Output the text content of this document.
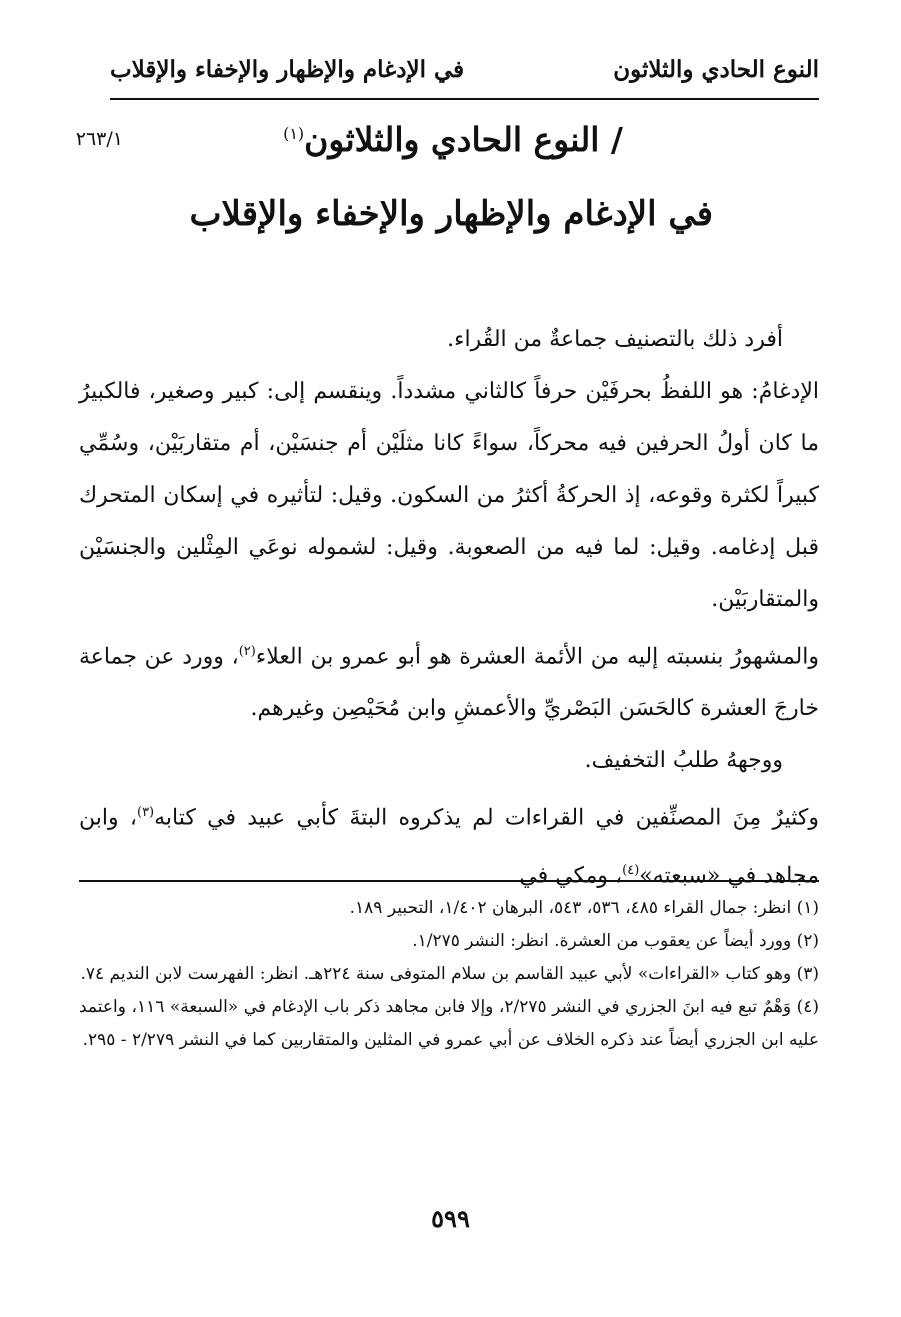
النوع الحادي والثلاثون
في الإدغام والإظهار والإخفاء والإقلاب
٢٦٣/١	/ النوع الحادي والثلاثون$^{(١)}$
في الإدغام والإظهار والإخفاء والإقلاب

أفرد ذلك بالتصنيف جماعةٌ من القُراء.

الإدغامُ: هو اللفظُ بحرفَيْن حرفاً كالثاني مشدداً. وينقسم إلى: كبير وصغير، فالكبيرُ ما كان أولُ الحرفين فيه محركاً، سواءً كانا مثلَيْن أم جنسَيْن، أم متقاربَيْن، وسُمِّي كبيراً لكثرة وقوعه، إذ الحركةُ أكثرُ من السكون. وقيل: لتأثيره في إسكان المتحرك قبل إدغامه. وقيل: لما فيه من الصعوبة. وقيل: لشموله نوعَي المِثْلين والجنسَيْن والمتقاربَيْن.

والمشهورُ بنسبته إليه من الأئمة العشرة هو أبو عمرو بن العلاء$^{(٢)}$، وورد عن جماعة خارجَ العشرة كالحَسَن البَصْريِّ والأعمشِ وابن مُحَيْصِن وغيرهم.

ووجههُ طلبُ التخفيف.

وكثيرٌ مِنَ المصنِّفين في القراءات لم يذكروه البتةَ كأبي عبيد في كتابه$^{(٣)}$، وابن مجاهد في «سبعته»$^{(٤)}$، ومكي في

(١) انظر: جمال القراء ٤٨٥، ٥٣٦، ٥٤٣، البرهان ١/٤٠٢، التحبير ١٨٩.

(٢) وورد أيضاً عن يعقوب من العشرة. انظر: النشر ١/٢٧٥.

(٣) وهو كتاب «القراءات» لأبي عبيد القاسم بن سلام المتوفى سنة ٢٢٤هـ. انظر: الفهرست لابن النديم ٧٤.

(٤) وَهْمٌ تبع فيه ابنَ الجزري في النشر ٢/٢٧٥، وإلا فابن مجاهد ذكر باب الإدغام في «السبعة» ١١٦، واعتمد عليه ابن الجزري أيضاً عند ذكره الخلاف عن أبي عمرو في المثلين والمتقاربين كما في النشر ٢/٢٧٩ - ٢٩٥.

٥٩٩
